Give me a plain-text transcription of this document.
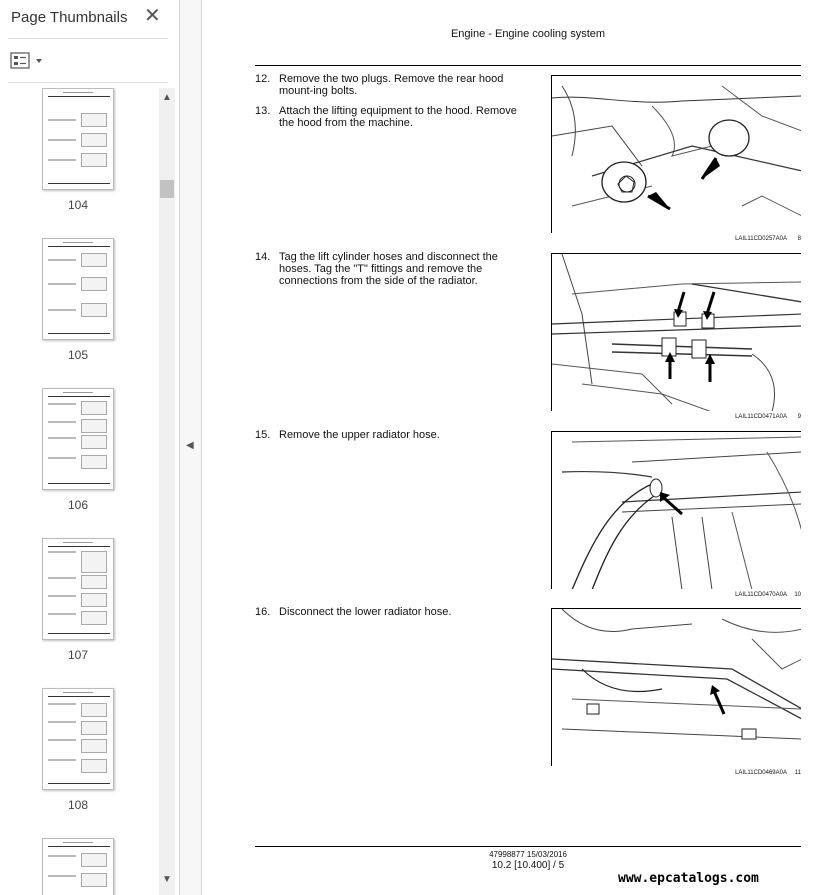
Page Thumbnails ✕
104
105
106
107
108
▲
▼
◀
Engine - Engine cooling system
12. Remove the two plugs. Remove the rear hood mount-ing bolts.
13. Attach the lifting equipment to the hood. Remove the hood from the machine.
14. Tag the lift cylinder hoses and disconnect the hoses. Tag the "T" fittings and remove the connections from the side of the radiator.
15. Remove the upper radiator hose.
16. Disconnect the lower radiator hose.
LAIL11CD0257A0A 8
LAIL11CD0471A0A 9
LAIL11CD0470A0A 10
LAIL11CD0469A0A 11
47998877 15/03/2016
10.2 [10.400] / 5
www.epcatalogs.com
